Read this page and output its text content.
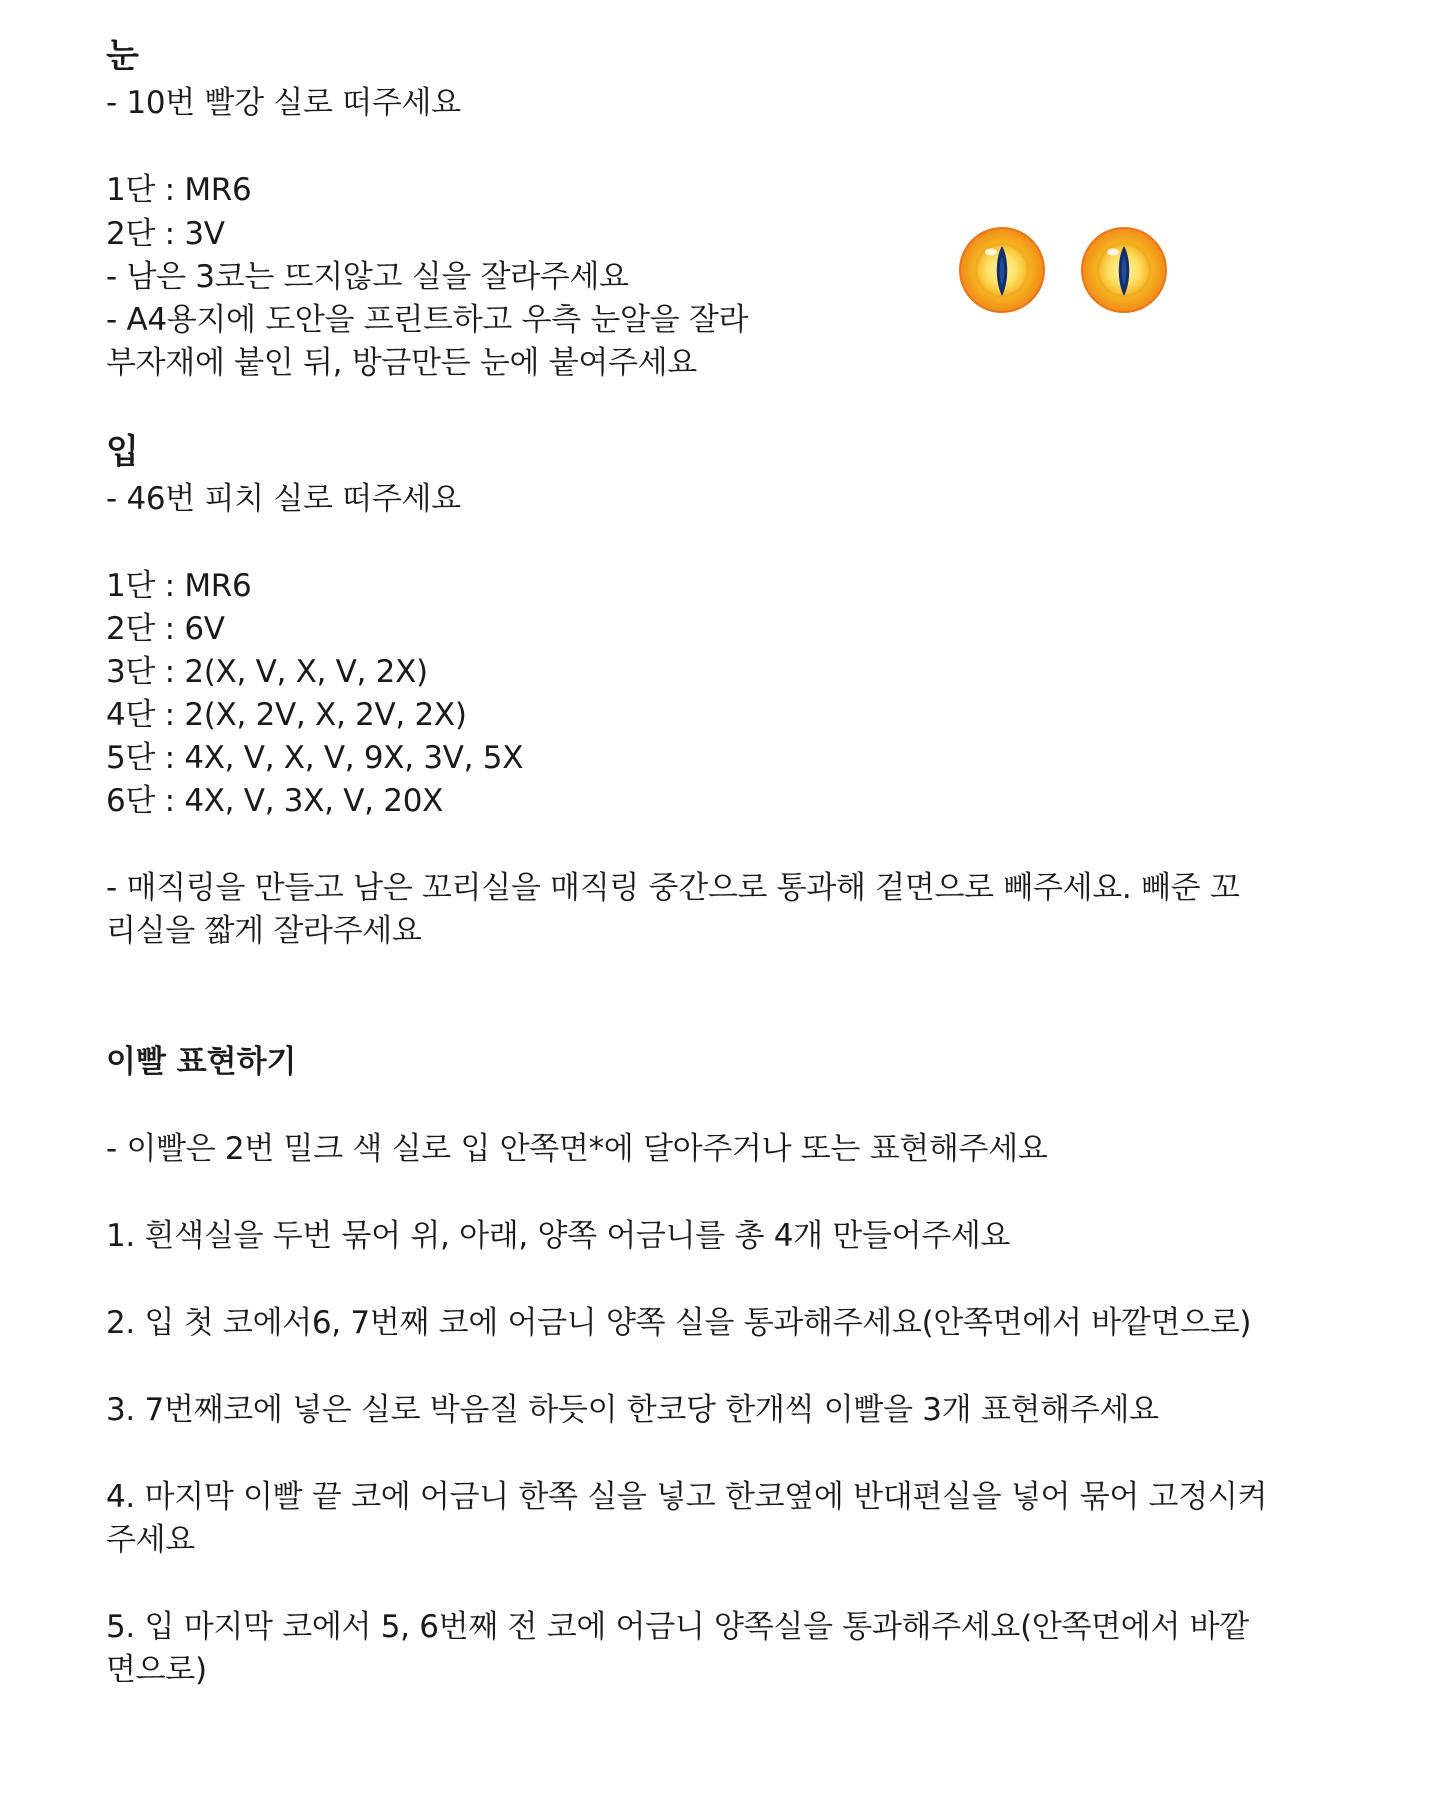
눈
- 10번 빨강 실로 떠주세요
1단 : MR6
2단 : 3V
- 남은 3코는 뜨지않고 실을 잘라주세요
- A4용지에 도안을 프린트하고 우측 눈알을 잘라
부자재에 붙인 뒤, 방금만든 눈에 붙여주세요
입
- 46번 피치 실로 떠주세요
1단 : MR6
2단 : 6V
3단 : 2(X, V, X, V, 2X)
4단 : 2(X, 2V, X, 2V, 2X)
5단 : 4X, V, X, V, 9X, 3V, 5X
6단 : 4X, V, 3X, V, 20X
- 매직링을 만들고 남은 꼬리실을 매직링 중간으로 통과해 겉면으로 빼주세요. 빼준 꼬
리실을 짧게 잘라주세요
이빨 표현하기
- 이빨은 2번 밀크 색 실로 입 안쪽면*에 달아주거나 또는 표현해주세요
1. 흰색실을 두번 묶어 위, 아래, 양쪽 어금니를 총 4개 만들어주세요
2. 입 첫 코에서6, 7번째 코에 어금니 양쪽 실을 통과해주세요(안쪽면에서 바깥면으로)
3. 7번째코에 넣은 실로 박음질 하듯이 한코당 한개씩 이빨을 3개 표현해주세요
4. 마지막 이빨 끝 코에 어금니 한쪽 실을 넣고 한코옆에 반대편실을 넣어 묶어 고정시켜
주세요
5. 입 마지막 코에서 5, 6번째 전 코에 어금니 양쪽실을 통과해주세요(안쪽면에서 바깥
면으로)
